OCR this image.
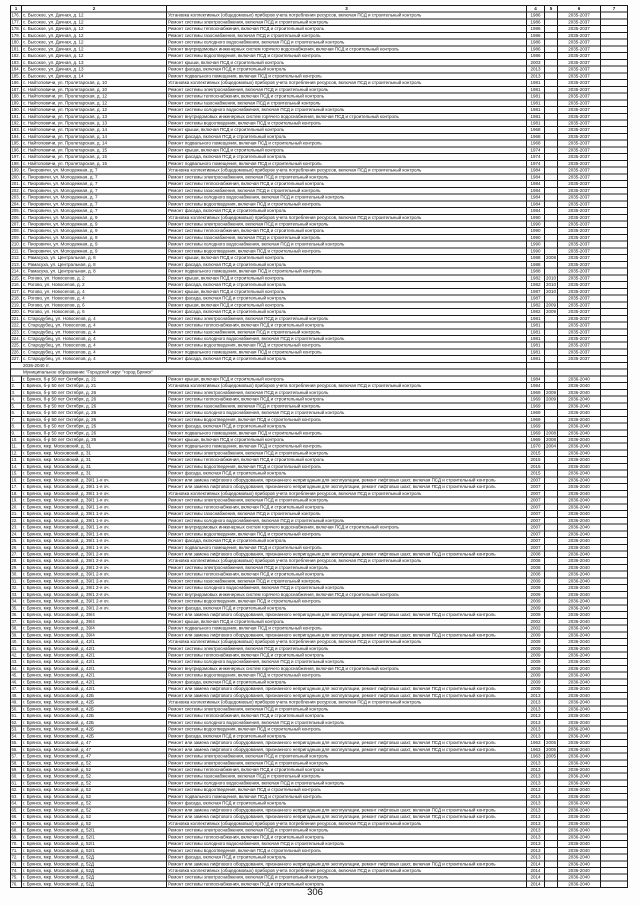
1	2	3	4	5	6	7
176. с. Высокое, ул. Дачная, д. 12	Установка коллективных (общедомовых) приборов учета потребления ресурсов, включая ПСД и строительный контроль	1986	2035-2037
177. с. Высокое, ул. Дачная, д. 12	Ремонт системы электроснабжения, включая ПСД и строительный контроль	1986	2035-2037
178. с. Высокое, ул. Дачная, д. 12	Ремонт системы теплоснабжения, включая ПСД и строительный контроль	1986	2035-2037
179. с. Высокое, ул. Дачная, д. 12	Ремонт системы газоснабжения, включая ПСД и строительный контроль	1986	2035-2037
180. с. Высокое, ул. Дачная, д. 12	Ремонт системы холодного водоснабжения, включая ПСД и строительный контроль	1986	2035-2037
181. с. Высокое, ул. Дачная, д. 12	Ремонт внутридомовых инженерных систем горячего водоснабжения, включая ПСД и строительный контроль	1986	2035-2037
182. с. Высокое, ул. Дачная, д. 12	Ремонт системы водоотведения, включая ПСД и строительный контроль	1986	2035-2037
183. с. Высокое, ул. Дачная, д. 13	Ремонт крыши, включая ПСД и строительный контроль	2003	2035-2037
184. с. Высокое, ул. Дачная, д. 13	Ремонт фасада, включая ПСД и строительный контроль	2013	2035-2037
185. с. Высокое, ул. Дачная, д. 14	Ремонт подвального помещения, включая ПСД и строительный контроль	2013	2035-2037
186. с. Найтоповичи, ул. Пролетарская, д. 10	Установка коллективных (общедомовых) приборов учета потребления ресурсов, включая ПСД и строительный контроль	1981	2035-2037
187. с. Найтоповичи, ул. Пролетарская, д. 10	Ремонт системы электроснабжения, включая ПСД и строительный контроль	1981	2035-2037
188. с. Найтоповичи, ул. Пролетарская, д. 12	Ремонт системы теплоснабжения, включая ПСД и строительный контроль	1981	2035-2037
189. с. Найтоповичи, ул. Пролетарская, д. 12	Ремонт системы газоснабжения, включая ПСД и строительный контроль	1981	2035-2037
190. с. Найтоповичи, ул. Пролетарская, д. 12	Ремонт системы холодного водоснабжения, включая ПСД и строительный контроль	1981	2035-2037
191. с. Найтоповичи, ул. Пролетарская, д. 13	Ремонт внутридомовых инженерных систем горячего водоснабжения, включая ПСД и строительный контроль	1981	2035-2037
192. с. Найтоповичи, ул. Пролетарская, д. 13	Ремонт системы водоотведения, включая ПСД и строительный контроль	1981	2035-2037
193. с. Найтоповичи, ул. Пролетарская, д. 14	Ремонт крыши, включая ПСД и строительный контроль	1968	2035-2037
194. с. Найтоповичи, ул. Пролетарская, д. 14	Ремонт фасада, включая ПСД и строительный контроль	1968	2035-2037
195. с. Найтоповичи, ул. Пролетарская, д. 14	Ремонт подвального помещения, включая ПСД и строительный контроль	1968	2035-2037
196. с. Найтоповичи, ул. Пролетарская, д. 15	Ремонт крыши, включая ПСД и строительный контроль	1974	2035-2037
197. с. Найтоповичи, ул. Пролетарская, д. 15	Ремонт фасада, включая ПСД и строительный контроль	1974	2035-2037
198. с. Найтоповичи, ул. Пролетарская, д. 15	Ремонт подвального помещения, включая ПСД и строительный контроль	1974	2035-2037
199. с. Пиоровичи, ул. Молодежная, д. 7	Установка коллективных (общедомовых) приборов учета потребления ресурсов, включая ПСД и строительный контроль	1984	2035-2037
200. с. Пиоровичи, ул. Молодежная, д. 7	Ремонт системы электроснабжения, включая ПСД и строительный контроль	1984	2035-2037
201. с. Пиоровичи, ул. Молодежная, д. 7	Ремонт системы теплоснабжения, включая ПСД и строительный контроль	1984	2035-2037
202. с. Пиоровичи, ул. Молодежная, д. 7	Ремонт системы газоснабжения, включая ПСД и строительный контроль	1984	2035-2037
203. с. Пиоровичи, ул. Молодежная, д. 7	Ремонт системы холодного водоснабжения, включая ПСД и строительный контроль	1984	2035-2037
204. с. Пиоровичи, ул. Молодежная, д. 7	Ремонт системы водоотведения, включая ПСД и строительный контроль	1984	2035-2037
205. с. Пиоровичи, ул. Молодежная, д. 7	Ремонт фасада, включая ПСД и строительный контроль	1984	2035-2037
206. с. Пиоровичи, ул. Молодежная, д. 9	Установка коллективных (общедомовых) приборов учета потребления ресурсов, включая ПСД и строительный контроль	1990	2035-2037
207. с. Пиоровичи, ул. Молодежная, д. 9	Ремонт системы электроснабжения, включая ПСД и строительный контроль	1990	2035-2037
208. с. Пиоровичи, ул. Молодежная, д. 9	Ремонт системы теплоснабжения, включая ПСД и строительный контроль	1990	2035-2037
209. с. Пиоровичи, ул. Молодежная, д. 9	Ремонт системы газоснабжения, включая ПСД и строительный контроль	1990	2035-2037
210. с. Пиоровичи, ул. Молодежная, д. 9	Ремонт системы холодного водоснабжения, включая ПСД и строительный контроль	1990	2035-2037
211. с. Пиоровичи, ул. Молодежная, д. 9	Ремонт системы водоотведения, включая ПСД и строительный контроль	1990	2035-2037
212. с. Рамасуха, ул. Центральная, д. 8	Ремонт крыши, включая ПСД и строительный контроль	1988 2008	2035-2037
213. с. Рамасуха, ул. Центральная, д. 8	Ремонт фасада, включая ПСД и строительный контроль	1988	2035-2037
214. с. Рамасуха, ул. Центральная, д. 8	Ремонт подвального помещения, включая ПСД и строительный контроль	1988	2035-2037
215. с. Рогово, ул. Новоселов, д. 2	Ремонт крыши, включая ПСД и строительный контроль	1982 2010	2035-2037
216. с. Рогово, ул. Новоселов, д. 2	Ремонт фасада, включая ПСД и строительный контроль	1982 2010	2035-2037
217. с. Рогово, ул. Новоселов, д. 4	Ремонт крыши, включая ПСД и строительный контроль	1987 2010	2035-2037
218. с. Рогово, ул. Новоселов, д. 4	Ремонт фасада, включая ПСД и строительный контроль	1987	2035-2037
219. с. Рогово, ул. Новоселов, д. 6	Ремонт крыши, включая ПСД и строительный контроль	1982 2009	2035-2037
220. с. Рогово, ул. Новоселов, д. 6	Ремонт фасада, включая ПСД и строительный контроль	1982 2009	2035-2037
221. с. Стародубец, ул. Новоселов, д. 4	Ремонт системы электроснабжения, включая ПСД и строительный контроль	1981	2035-2037
222. с. Стародубец, ул. Новоселов, д. 4	Ремонт системы теплоснабжения, включая ПСД и строительный контроль	1981	2035-2037
223. с. Стародубец, ул. Новоселов, д. 4	Ремонт системы газоснабжения, включая ПСД и строительный контроль	1981	2035-2037
224. с. Стародубец, ул. Новоселов, д. 4	Ремонт системы холодного водоснабжения, включая ПСД и строительный контроль	1981	2035-2037
225. с. Стародубец, ул. Новоселов, д. 4	Ремонт системы водоотведения, включая ПСД и строительный контроль	1981	2035-2037
226. с. Стародубец, ул. Новоселов, д. 4	Ремонт подвального помещения, включая ПСД и строительный контроль	1981	2035-2037
227. с. Стародубец, ул. Новоселов, д. 4	Ремонт фасада, включая ПСД и строительный контроль	1981	2035-2037
2036-2040 гг.
Муниципальное образование "Городской округ "город Брянск"
1. г. Брянск, б-р 50 лет Октября, д. 21	Ремонт крыши, включая ПСД и строительный контроль	1984	2036-2040
2. г. Брянск, б-р 50 лет Октября, д. 21	Установка коллективных (общедомовых) приборов учета потребления ресурсов, включая ПСД и строительный контроль	1984	2036-2040
3. г. Брянск, б-р 50 лет Октября, д. 26	Ремонт системы электроснабжения, включая ПСД и строительный контроль	1969 2009	2036-2040
4. г. Брянск, б-р 50 лет Октября, д. 26	Ремонт системы теплоснабжения, включая ПСД и строительный контроль	1969 2009	2036-2040
5. г. Брянск, б-р 50 лет Октября, д. 26	Ремонт системы газоснабжения, включая ПСД и строительный контроль	1969	2036-2040
6. г. Брянск, б-р 50 лет Октября, д. 26	Ремонт системы холодного водоснабжения, включая ПСД и строительный контроль	1969	2036-2040
7. г. Брянск, б-р 50 лет Октября, д. 26	Ремонт системы водоотведения, включая ПСД и строительный контроль	1969	2036-2040
8. г. Брянск, б-р 50 лет Октября, д. 26	Ремонт фасада, включая ПСД и строительный контроль	1969	2036-2040
9. г. Брянск, б-р 50 лет Октября, д. 26	Ремонт подвального помещения, включая ПСД и строительный контроль	1969 2008	2036-2040
10. г. Брянск, б-р 50 лет Октября, д. 26	Ремонт крыши, включая ПСД и строительный контроль	1969 2008	2036-2040
11. г. Брянск, мкр. Московский, д. 31	Ремонт подвального помещения, включая ПСД и строительный контроль	1970 2004	2036-2040
12. г. Брянск, мкр. Московский, д. 31	Ремонт системы электроснабжения, включая ПСД и строительный контроль	2015	2036-2040
13. г. Брянск, мкр. Московский, д. 31	Ремонт системы теплоснабжения, включая ПСД и строительный контроль	2015	2036-2040
14. г. Брянск, мкр. Московский, д. 31	Ремонт системы водоотведения, включая ПСД и строительный контроль	2015	2036-2040
15. г. Брянск, мкр. Московский, д. 31	Ремонт фасада, включая ПСД и строительный контроль	2015	2036-2040
16. г. Брянск, мкр. Московский, д. 39/1 1-я оч.	Ремонт или замена лифтового оборудования, признанного непригодным для эксплуатации, ремонт лифтовых шахт, включая ПСД и строительный контроль	2007	2036-2040
17. г. Брянск, мкр. Московский, д. 39/1 1-я оч.	Ремонт или замена лифтового оборудования, признанного непригодным для эксплуатации, ремонт лифтовых шахт, включая ПСД и строительный контроль	2007	2036-2040
18. г. Брянск, мкр. Московский, д. 39/1 1-я оч.	Установка коллективных (общедомовых) приборов учета потребления ресурсов, включая ПСД и строительный контроль	2007	2036-2040
19. г. Брянск, мкр. Московский, д. 39/1 1-я оч.	Ремонт системы электроснабжения, включая ПСД и строительный контроль	2007	2036-2040
20. г. Брянск, мкр. Московский, д. 39/1 1-я оч.	Ремонт системы теплоснабжения, включая ПСД и строительный контроль	2007	2036-2040
21. г. Брянск, мкр. Московский, д. 39/1 1-я оч.	Ремонт системы газоснабжения, включая ПСД и строительный контроль	2007	2036-2040
22. г. Брянск, мкр. Московский, д. 39/1 1-я оч.	Ремонт системы холодного водоснабжения, включая ПСД и строительный контроль	2007	2036-2040
23. г. Брянск, мкр. Московский, д. 39/1 1-я оч.	Ремонт внутридомовых инженерных систем горячего водоснабжения, включая ПСД и строительный контроль	2007	2036-2040
24. г. Брянск, мкр. Московский, д. 39/1 1-я оч.	Ремонт системы водоотведения, включая ПСД и строительный контроль	2007	2036-2040
25. г. Брянск, мкр. Московский, д. 39/1 1-я оч.	Ремонт фасада, включая ПСД и строительный контроль	2007	2036-2040
26. г. Брянск, мкр. Московский, д. 39/1 1-я оч.	Ремонт подвального помещения, включая ПСД и строительный контроль	2007	2036-2040
27. г. Брянск, мкр. Московский, д. 39/1 2-я оч.	Ремонт или замена лифтового оборудования, признанного непригодным для эксплуатации, ремонт лифтовых шахт, включая ПСД и строительный контроль	2008	2036-2040
28. г. Брянск, мкр. Московский, д. 39/1 2-я оч.	Установка коллективных (общедомовых) приборов учета потребления ресурсов, включая ПСД и строительный контроль	2008	2036-2040
29. г. Брянск, мкр. Московский, д. 39/1 2-я оч.	Ремонт системы электроснабжения, включая ПСД и строительный контроль	2008	2036-2040
30. г. Брянск, мкр. Московский, д. 39/1 2-я оч.	Ремонт системы теплоснабжения, включая ПСД и строительный контроль	2008	2036-2040
31. г. Брянск, мкр. Московский, д. 39/1 2-я оч.	Ремонт системы газоснабжения, включая ПСД и строительный контроль	2009	2036-2040
32. г. Брянск, мкр. Московский, д. 39/1 2-я оч.	Ремонт системы холодного водоснабжения, включая ПСД и строительный контроль	2009	2036-2040
33. г. Брянск, мкр. Московский, д. 39/1 2-я оч.	Ремонт внутридомовых инженерных систем горячего водоснабжения, включая ПСД и строительный контроль	2009	2036-2040
34. г. Брянск, мкр. Московский, д. 39/1 2-я оч.	Ремонт системы водоотведения, включая ПСД и строительный контроль	2009	2036-2040
35. г. Брянск, мкр. Московский, д. 39/1 2-я оч.	Ремонт фасада, включая ПСД и строительный контроль	2009	2036-2040
36. г. Брянск, мкр. Московский, д. 39/4	Ремонт или замена лифтового оборудования, признанного непригодным для эксплуатации, ремонт лифтовых шахт, включая ПСД и строительный контроль	2009	2036-2040
37. г. Брянск, мкр. Московский, д. 39/4	Ремонт крыши, включая ПСД и строительный контроль	2002	2036-2040
38. г. Брянск, мкр. Московский, д. 39/4	Ремонт подвального помещения, включая ПСД и строительный контроль	2002	2036-2040
39. г. Брянск, мкр. Московский, д. 39/4	Ремонт или замена лифтового оборудования, признанного непригодным для эксплуатации, ремонт лифтовых шахт, включая ПСД и строительный контроль	2009	2036-2040
40. г. Брянск, мкр. Московский, д. 42/1	Установка коллективных (общедомовых) приборов учета потребления ресурсов, включая ПСД и строительный контроль	2009	2036-2040
41. г. Брянск, мкр. Московский, д. 42/1	Ремонт системы электроснабжения, включая ПСД и строительный контроль	2009	2036-2040
42. г. Брянск, мкр. Московский, д. 42/1	Ремонт системы теплоснабжения, включая ПСД и строительный контроль	2009	2036-2040
43. г. Брянск, мкр. Московский, д. 42/1	Ремонт системы холодного водоснабжения, включая ПСД и строительный контроль	2009	2036-2040
44. г. Брянск, мкр. Московский, д. 42/1	Ремонт внутридомовых инженерных систем горячего водоснабжения, включая ПСД и строительный контроль	2009	2036-2040
45. г. Брянск, мкр. Московский, д. 42/1	Ремонт системы водоотведения, включая ПСД и строительный контроль	2009	2036-2040
46. г. Брянск, мкр. Московский, д. 42/1	Ремонт фасада, включая ПСД и строительный контроль	2009	2036-2040
47. г. Брянск, мкр. Московский, д. 42/1	Ремонт или замена лифтового оборудования, признанного непригодным для эксплуатации, ремонт лифтовых шахт, включая ПСД и строительный контроль	2009	2036-2040
48. г. Брянск, мкр. Московский, д. 42Б	Ремонт или замена лифтового оборудования, признанного непригодным для эксплуатации, ремонт лифтовых шахт, включая ПСД и строительный контроль	2013	2036-2040
49. г. Брянск, мкр. Московский, д. 42Б	Установка коллективных (общедомовых) приборов учета потребления ресурсов, включая ПСД и строительный контроль	2013	2036-2040
50. г. Брянск, мкр. Московский, д. 42Б	Ремонт системы электроснабжения, включая ПСД и строительный контроль	2013	2036-2040
51. г. Брянск, мкр. Московский, д. 42Б	Ремонт системы теплоснабжения, включая ПСД и строительный контроль	2013	2036-2040
52. г. Брянск, мкр. Московский, д. 42Б	Ремонт системы холодного водоснабжения, включая ПСД и строительный контроль	2013	2036-2040
53. г. Брянск, мкр. Московский, д. 42Б	Ремонт системы водоотведения, включая ПСД и строительный контроль	2013	2036-2040
54. г. Брянск, мкр. Московский, д. 42Б	Ремонт фасада, включая ПСД и строительный контроль	2013	2036-2040
55. г. Брянск, мкр. Московский, д. 47	Ремонт или замена лифтового оборудования, признанного непригодным для эксплуатации, ремонт лифтовых шахт, включая ПСД и строительный контроль	1963 2005	2036-2040
56. г. Брянск, мкр. Московский, д. 47	Ремонт или замена лифтового оборудования, признанного непригодным для эксплуатации, ремонт лифтовых шахт, включая ПСД и строительный контроль	1963 2005	2036-2040
57. г. Брянск, мкр. Московский, д. 47	Ремонт системы электроснабжения, включая ПСД и строительный контроль	1963 2005	2036-2040
58. г. Брянск, мкр. Московский, д. 52	Ремонт системы электроснабжения, включая ПСД и строительный контроль	2013	2036-2040
59. г. Брянск, мкр. Московский, д. 52	Ремонт системы теплоснабжения, включая ПСД и строительный контроль	2013	2036-2040
60. г. Брянск, мкр. Московский, д. 52	Ремонт системы газоснабжения, включая ПСД и строительный контроль	2013	2036-2040
61. г. Брянск, мкр. Московский, д. 52	Ремонт системы холодного водоснабжения, включая ПСД и строительный контроль	2013	2036-2040
62. г. Брянск, мкр. Московский, д. 52	Ремонт системы водоотведения, включая ПСД и строительный контроль	2013	2036-2040
63. г. Брянск, мкр. Московский, д. 52	Ремонт подвального помещения, включая ПСД и строительный контроль	2013	2036-2040
64. г. Брянск, мкр. Московский, д. 52	Ремонт фасада, включая ПСД и строительный контроль	2013	2036-2040
65. г. Брянск, мкр. Московский, д. 52	Ремонт или замена лифтового оборудования, признанного непригодным для эксплуатации, ремонт лифтовых шахт, включая ПСД и строительный контроль	2013	2036-2040
66. г. Брянск, мкр. Московский, д. 52	Ремонт или замена лифтового оборудования, признанного непригодным для эксплуатации, ремонт лифтовых шахт, включая ПСД и строительный контроль	2013	2036-2040
67. г. Брянск, мкр. Московский, д. 52	Установка коллективных (общедомовых) приборов учета потребления ресурсов, включая ПСД и строительный контроль	2013	2036-2040
68. г. Брянск, мкр. Московский, д. 52/1	Ремонт системы электроснабжения, включая ПСД и строительный контроль	2013	2036-2040
69. г. Брянск, мкр. Московский, д. 52/1	Ремонт системы теплоснабжения, включая ПСД и строительный контроль	2013	2036-2040
70. г. Брянск, мкр. Московский, д. 52/1	Ремонт системы холодного водоснабжения, включая ПСД и строительный контроль	2013	2036-2040
71. г. Брянск, мкр. Московский, д. 52/1	Ремонт системы водоотведения, включая ПСД и строительный контроль	2013	2036-2040
72. г. Брянск, мкр. Московский, д. 52Д	Ремонт фасада, включая ПСД и строительный контроль	2013	2036-2040
73. г. Брянск, мкр. Московский, д. 52Д	Ремонт или замена лифтового оборудования, признанного непригодным для эксплуатации, ремонт лифтовых шахт, включая ПСД и строительный контроль	2014	2036-2040
74. г. Брянск, мкр. Московский, д. 52Д	Установка коллективных (общедомовых) приборов учета потребления ресурсов, включая ПСД и строительный контроль	2014	2036-2040
75. г. Брянск, мкр. Московский, д. 52Д	Ремонт системы электроснабжения, включая ПСД и строительный контроль	2014	2036-2040
76. г. Брянск, мкр. Московский, д. 52Д	Ремонт системы теплоснабжения, включая ПСД и строительный контроль	2014	2036-2040
306
